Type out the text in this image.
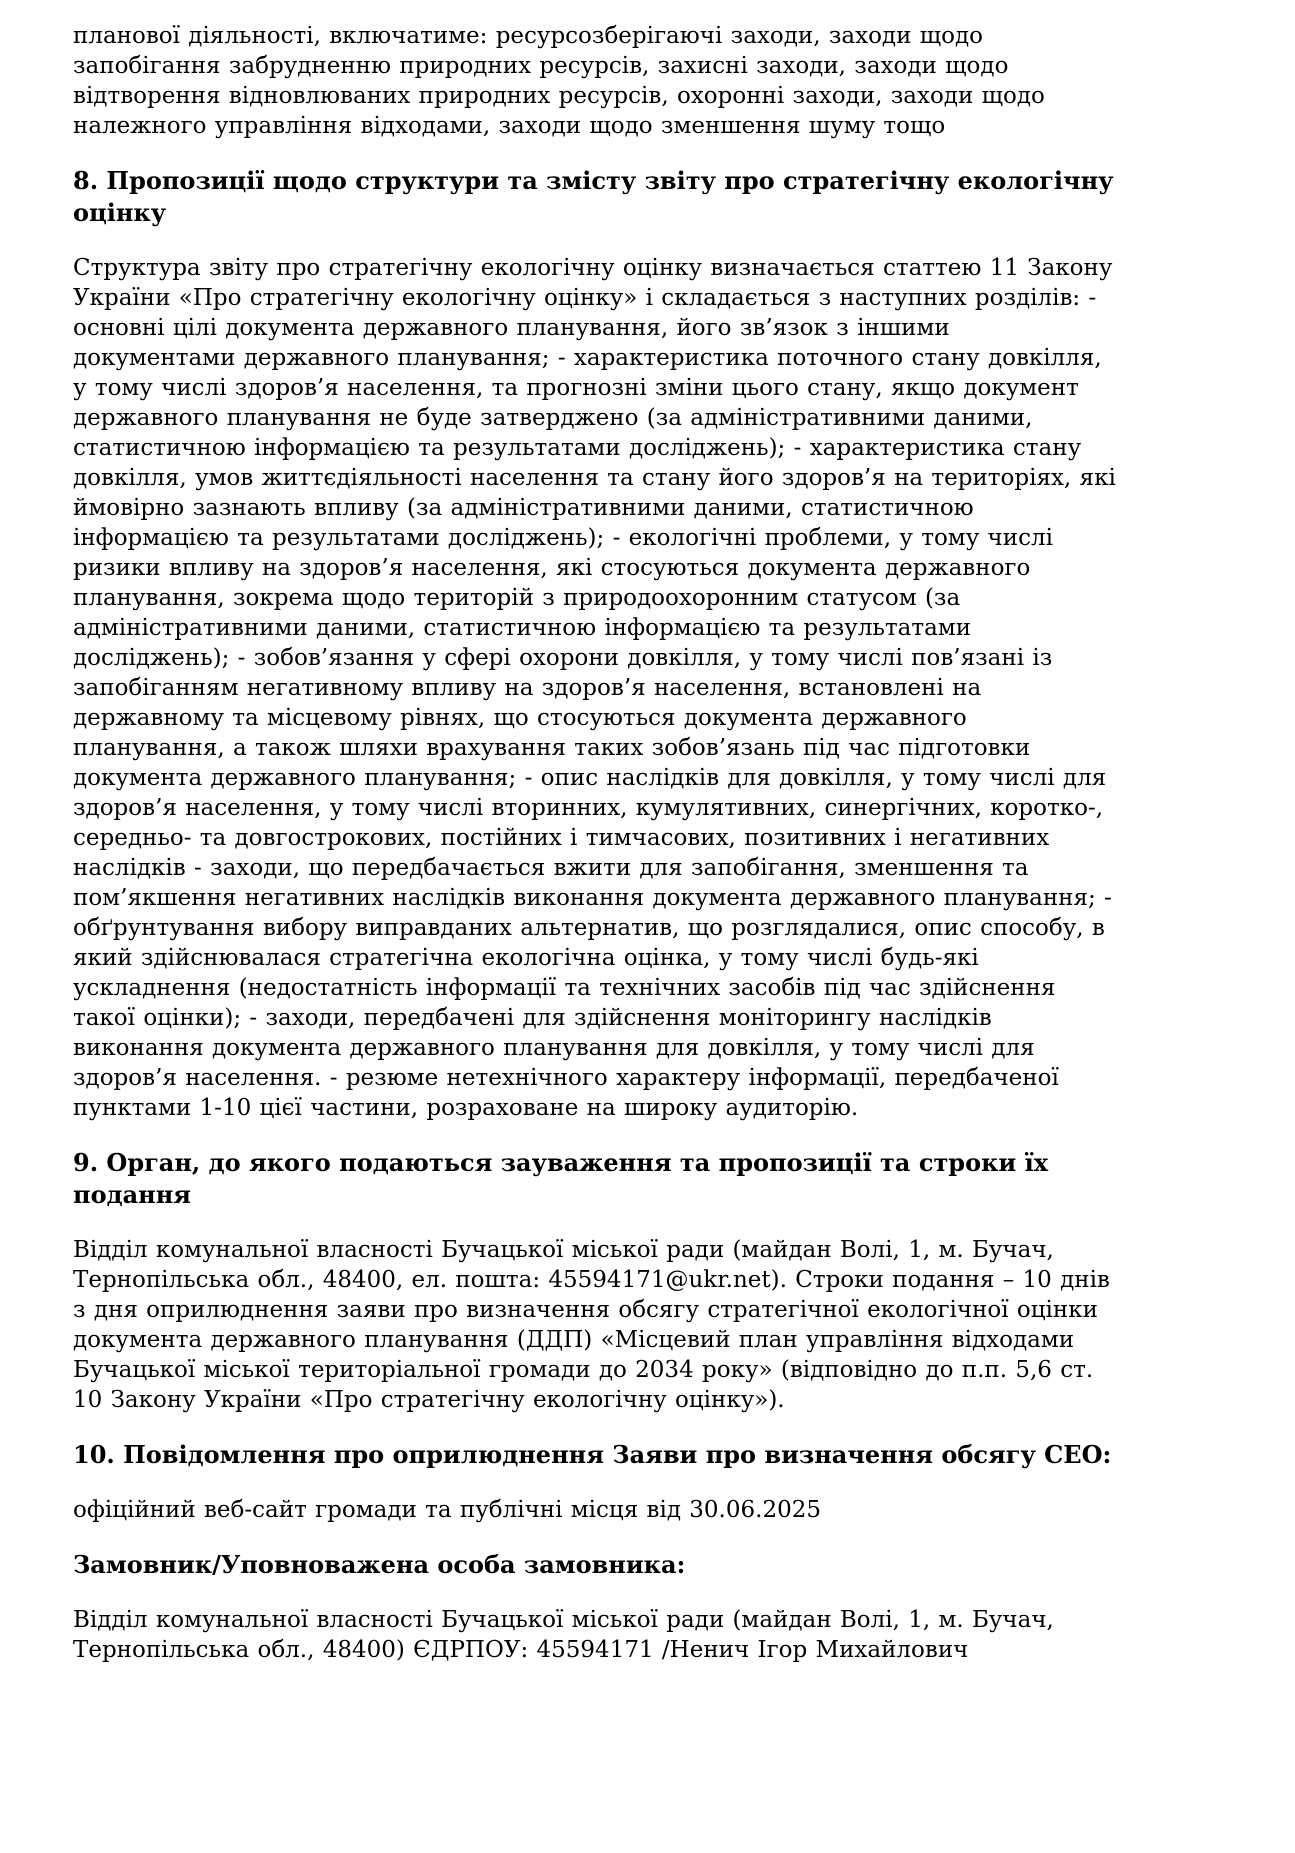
планової діяльності, включатиме: ресурсозберігаючі заходи, заходи щодо запобігання забрудненню природних ресурсів, захисні заходи, заходи щодо відтворення відновлюваних природних ресурсів, охоронні заходи, заходи щодо належного управління відходами, заходи щодо зменшення шуму тощо

8. Пропозиції щодо структури та змісту звіту про стратегічну екологічну оцінку

Структура звіту про стратегічну екологічну оцінку визначається статтею 11 Закону України «Про стратегічну екологічну оцінку» і складається з наступних розділів: - основні цілі документа державного планування, його зв’язок з іншими документами державного планування; - характеристика поточного стану довкілля, у тому числі здоров’я населення, та прогнозні зміни цього стану, якщо документ державного планування не буде затверджено (за адміністративними даними, статистичною інформацією та результатами досліджень); - характеристика стану довкілля, умов життєдіяльності населення та стану його здоров’я на територіях, які ймовірно зазнають впливу (за адміністративними даними, статистичною інформацією та результатами досліджень); - екологічні проблеми, у тому числі ризики впливу на здоров’я населення, які стосуються документа державного планування, зокрема щодо територій з природоохоронним статусом (за адміністративними даними, статистичною інформацією та результатами досліджень); - зобов’язання у сфері охорони довкілля, у тому числі пов’язані із запобіганням негативному впливу на здоров’я населення, встановлені на державному та місцевому рівнях, що стосуються документа державного планування, а також шляхи врахування таких зобов’язань під час підготовки документа державного планування; - опис наслідків для довкілля, у тому числі для здоров’я населення, у тому числі вторинних, кумулятивних, синергічних, коротко-, середньо- та довгострокових, постійних і тимчасових, позитивних і негативних наслідків - заходи, що передбачається вжити для запобігання, зменшення та пом’якшення негативних наслідків виконання документа державного планування; - обґрунтування вибору виправданих альтернатив, що розглядалися, опис способу, в який здійснювалася стратегічна екологічна оцінка, у тому числі будь-які ускладнення (недостатність інформації та технічних засобів під час здійснення такої оцінки); - заходи, передбачені для здійснення моніторингу наслідків виконання документа державного планування для довкілля, у тому числі для здоров’я населення. - резюме нетехнічного характеру інформації, передбаченої пунктами 1-10 цієї частини, розраховане на широку аудиторію.

9. Орган, до якого подаються зауваження та пропозиції та строки їх подання

Відділ комунальної власності Бучацької міської ради (майдан Волі, 1, м. Бучач, Тернопільська обл., 48400, ел. пошта: 45594171@ukr.net). Строки подання – 10 днів з дня оприлюднення заяви про визначення обсягу стратегічної екологічної оцінки документа державного планування (ДДП) «Місцевий план управління відходами Бучацької міської територіальної громади до 2034 року» (відповідно до п.п. 5,6 ст. 10 Закону України «Про стратегічну екологічну оцінку»).

10. Повідомлення про оприлюднення Заяви про визначення обсягу СЕО:

офіційний веб-сайт громади та публічні місця від 30.06.2025

Замовник/Уповноважена особа замовника:

Відділ комунальної власності Бучацької міської ради (майдан Волі, 1, м. Бучач, Тернопільська обл., 48400) ЄДРПОУ: 45594171 /Ненич Ігор Михайлович
